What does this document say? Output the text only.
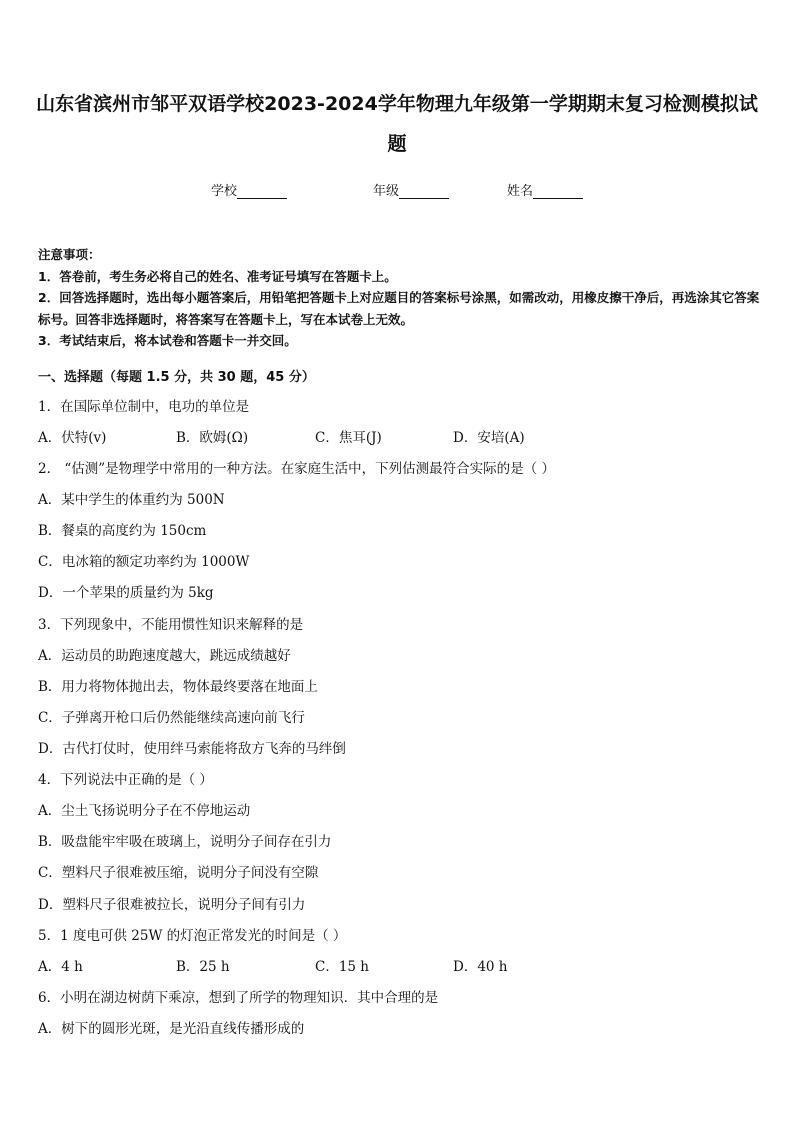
山东省滨州市邹平双语学校2023-2024学年物理九年级第一学期期末复习检测模拟试题
学校	年级	姓名

注意事项：

1．答卷前，考生务必将自己的姓名、准考证号填写在答题卡上。

2．回答选择题时，选出每小题答案后，用铅笔把答题卡上对应题目的答案标号涂黑，如需改动，用橡皮擦干净后，再选涂其它答案标号。回答非选择题时，将答案写在答题卡上，写在本试卷上无效。

3．考试结束后，将本试卷和答题卡一并交回。

一、选择题（每题 1.5 分，共 30 题，45 分）
1．在国际单位制中，电功的单位是
A．伏特(v)	B．欧姆(Ω)	C．焦耳(J)	D．安培(A)
2． “估测”是物理学中常用的一种方法。在家庭生活中，下列估测最符合实际的是（ ）
A．某中学生的体重约为 500N
B．餐桌的高度约为 150cm
C．电冰箱的额定功率约为 1000W
D．一个苹果的质量约为 5kg
3．下列现象中，不能用惯性知识来解释的是
A．运动员的助跑速度越大，跳远成绩越好
B．用力将物体抛出去，物体最终要落在地面上
C．子弹离开枪口后仍然能继续高速向前飞行
D．古代打仗时，使用绊马索能将敌方飞奔的马绊倒
4．下列说法中正确的是（ ）
A．尘土飞扬说明分子在不停地运动
B．吸盘能牢牢吸在玻璃上，说明分子间存在引力
C．塑料尺子很难被压缩，说明分子间没有空隙
D．塑料尺子很难被拉长，说明分子间有引力
5．1 度电可供 25W 的灯泡正常发光的时间是（ ）
A．4 h	B．25 h	C．15 h	D．40 h
6．小明在湖边树荫下乘凉，想到了所学的物理知识．其中合理的是
A．树下的圆形光斑，是光沿直线传播形成的
